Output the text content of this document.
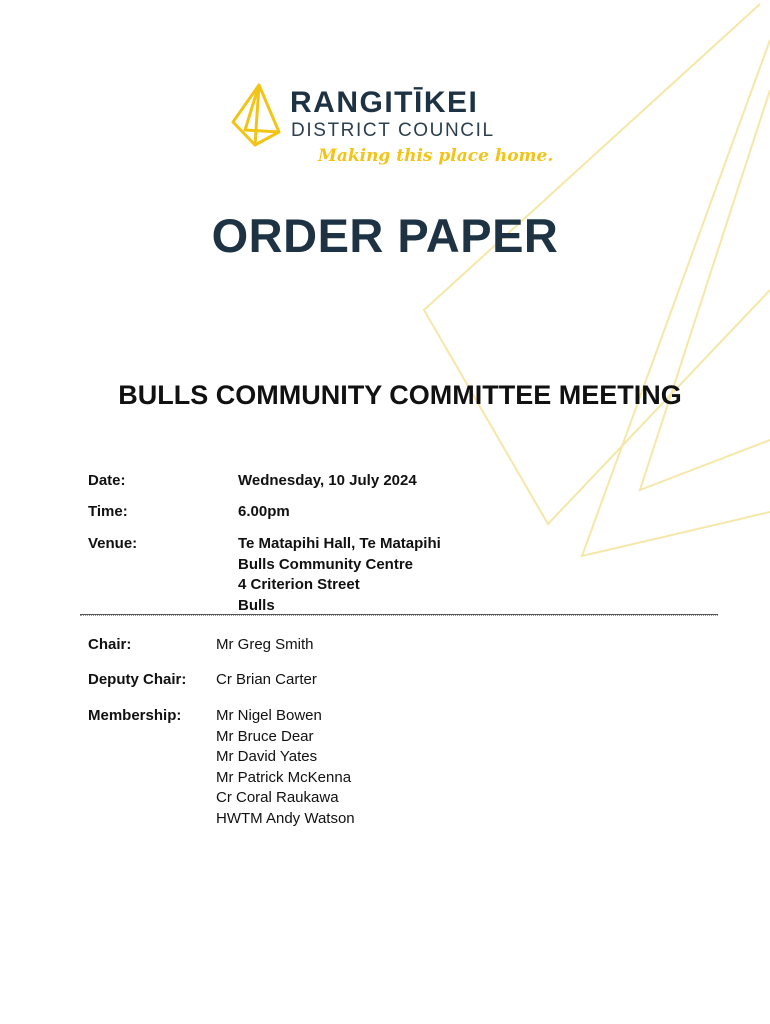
RANGITĪKEI
DISTRICT COUNCIL
Making this place home.
ORDER PAPER
BULLS COMMUNITY COMMITTEE MEETING
Date:	Wednesday, 10 July 2024
Time:	6.00pm
Venue:	Te Matapihi Hall, Te Matapihi
Bulls Community Centre
4 Criterion Street
Bulls
Chair:	Mr Greg Smith
Deputy Chair: Cr Brian Carter
Membership: Mr Nigel Bowen
Mr Bruce Dear
Mr David Yates
Mr Patrick McKenna
Cr Coral Raukawa
HWTM Andy Watson
